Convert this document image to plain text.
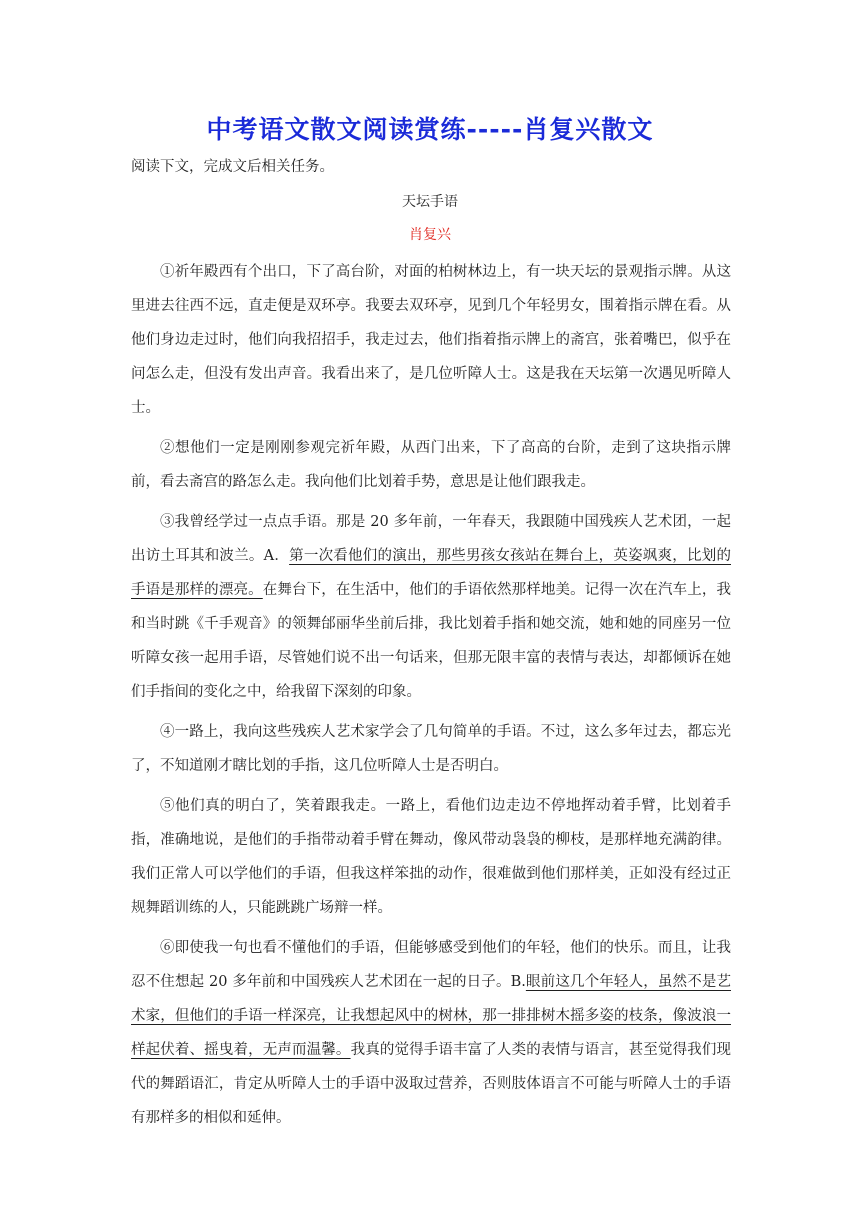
中考语文散文阅读赏练-----肖复兴散文
阅读下文，完成文后相关任务。
天坛手语
肖复兴

①祈年殿西有个出口，下了高台阶，对面的柏树林边上，有一块天坛的景观指示牌。从这里进去往西不远，直走便是双环亭。我要去双环亭，见到几个年轻男女，围着指示牌在看。从他们身边走过时，他们向我招招手，我走过去，他们指着指示牌上的斋宫，张着嘴巴，似乎在问怎么走，但没有发出声音。我看出来了，是几位听障人士。这是我在天坛第一次遇见听障人士。

②想他们一定是刚刚参观完祈年殿，从西门出来，下了高高的台阶，走到了这块指示牌前，看去斋宫的路怎么走。我向他们比划着手势，意思是让他们跟我走。

③我曾经学过一点点手语。那是 20 多年前，一年春天，我跟随中国残疾人艺术团，一起出访土耳其和波兰。A．第一次看他们的演出，那些男孩女孩站在舞台上，英姿飒爽，比划的手语是那样的漂亮。在舞台下，在生活中，他们的手语依然那样地美。记得一次在汽车上，我和当时跳《千手观音》的领舞邰丽华坐前后排，我比划着手指和她交流，她和她的同座另一位听障女孩一起用手语，尽管她们说不出一句话来，但那无限丰富的表情与表达，却都倾诉在她们手指间的变化之中，给我留下深刻的印象。

④一路上，我向这些残疾人艺术家学会了几句简单的手语。不过，这么多年过去，都忘光了，不知道刚才瞎比划的手指，这几位听障人士是否明白。

⑤他们真的明白了，笑着跟我走。一路上，看他们边走边不停地挥动着手臂，比划着手指，准确地说，是他们的手指带动着手臂在舞动，像风带动袅袅的柳枝，是那样地充满韵律。我们正常人可以学他们的手语，但我这样笨拙的动作，很难做到他们那样美，正如没有经过正规舞蹈训练的人，只能跳跳广场辩一样。

⑥即使我一句也看不懂他们的手语，但能够感受到他们的年轻，他们的快乐。而且，让我忍不住想起 20 多年前和中国残疾人艺术团在一起的日子。B.眼前这几个年轻人，虽然不是艺术家，但他们的手语一样深亮，让我想起风中的树林，那一排排树木摇多姿的枝条，像波浪一样起伏着、摇曳着，无声而温馨。我真的觉得手语丰富了人类的表情与语言，甚至觉得我们现代的舞蹈语汇，肯定从听障人士的手语中汲取过营养，否则肢体语言不可能与听障人士的手语有那样多的相似和延伸。
